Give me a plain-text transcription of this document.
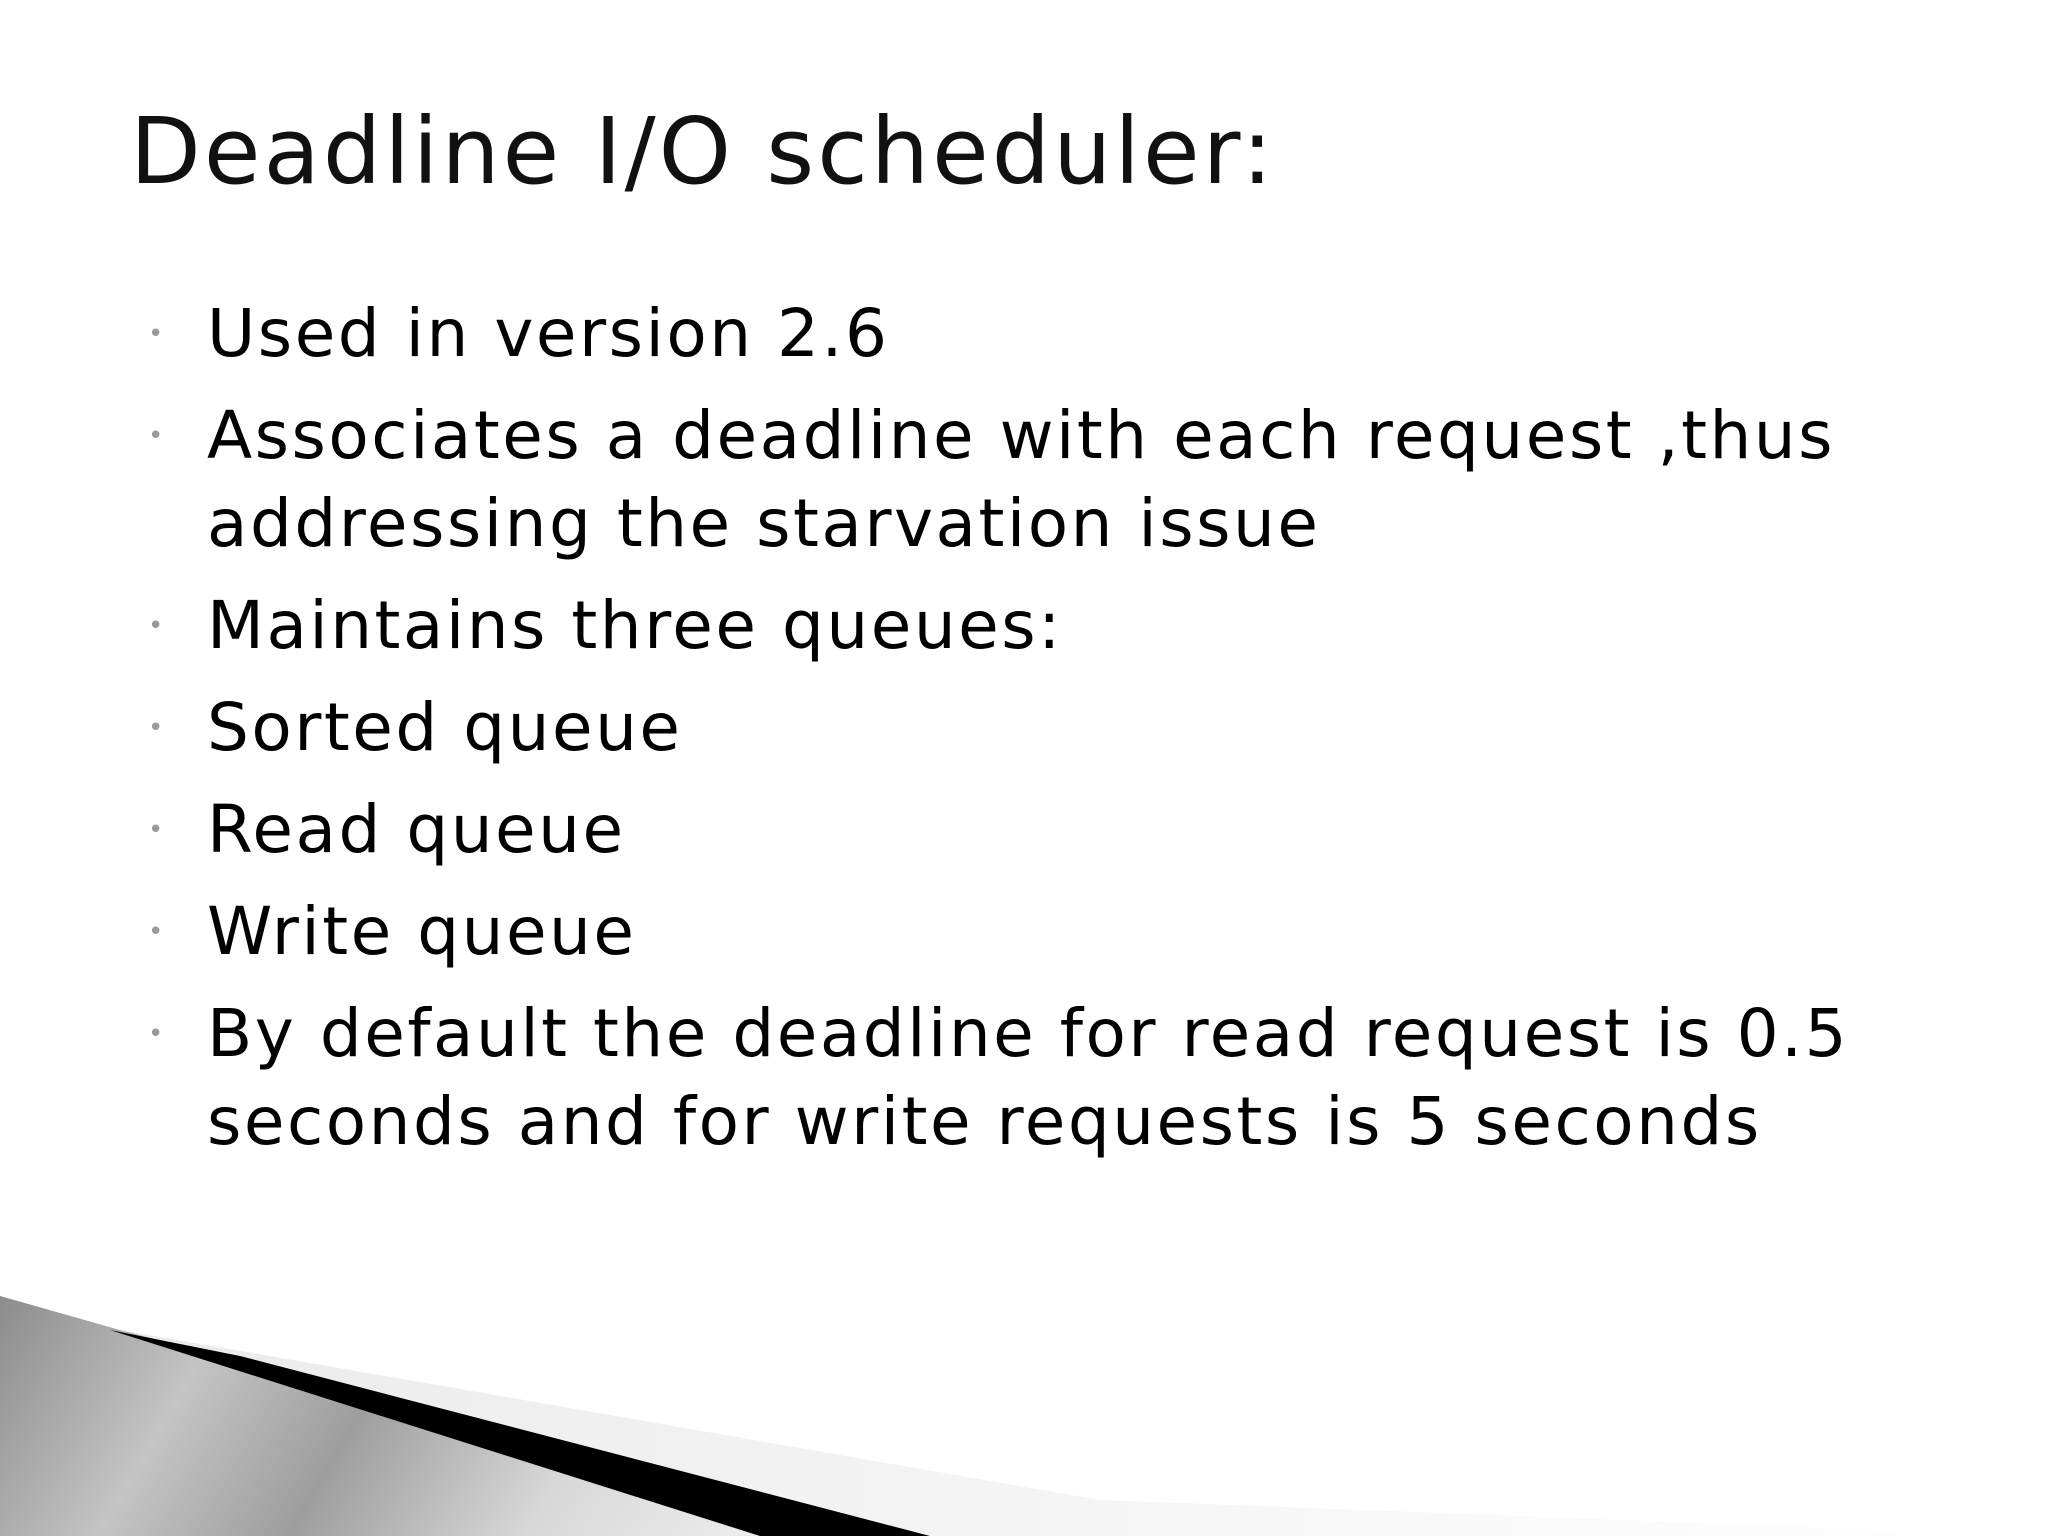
Deadline I/O scheduler:
• Used in version 2.6
• Associates a deadline with each request ,thus addressing the starvation issue
• Maintains three queues:
• Sorted queue
• Read queue
• Write queue
• By default the deadline for read request is 0.5 seconds and for write requests is 5 seconds
